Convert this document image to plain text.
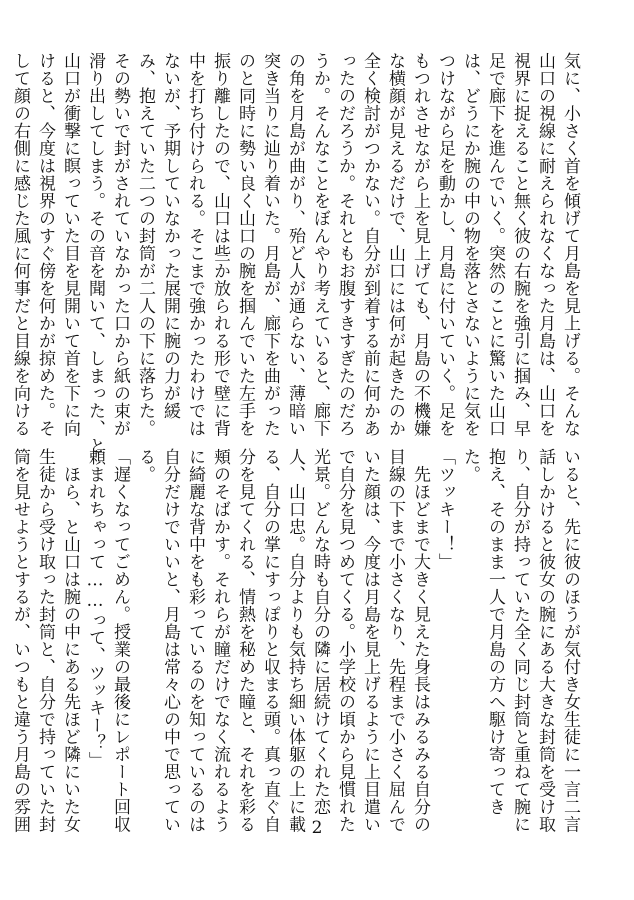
気に、小さく首を傾げて月島を見上げる。そんな
山口の視線に耐えられなくなった月島は、山口を
視界に捉えること無く彼の右腕を強引に掴み、早
足で廊下を進んでいく。突然のことに驚いた山口
は、どうにか腕の中の物を落とさないように気を
つけながら足を動かし、月島に付いていく。足を
もつれさせながら上を見上げても、月島の不機嫌
な横顔が見えるだけで、山口には何が起きたのか
全く検討がつかない。自分が到着する前に何かあ
ったのだろうか。それともお腹すきすぎたのだろ
うか。そんなことをぼんやり考えていると、廊下
の角を月島が曲がり、殆ど人が通らない、薄暗い
突き当りに辿り着いた。月島が、廊下を曲がった
のと同時に勢い良く山口の腕を掴んでいた左手を
振り離したので、山口は些か放られる形で壁に背
中を打ち付けられる。そこまで強かったわけでは
ないが、予期していなかった展開に腕の力が緩
み、抱えていた二つの封筒が二人の下に落ちた。
その勢いで封がされていなかった口から紙の束が
滑り出してしまう。その音を聞いて、しまった、と
山口が衝撃に瞑っていた目を見開いて首を下に向
けると、今度は視界のすぐ傍を何かが掠めた。そ
して顔の右側に感じた風に何事だと目線を向ける
いると、先に彼のほうが気付き女生徒に一言二言
話しかけると彼女の腕にある大きな封筒を受け取
り、自分が持っていた全く同じ封筒と重ねて腕に
抱え、そのまま一人で月島の方へ駆け寄ってき
た。
「ツッキー！」
　先ほどまで大きく見えた身長はみるみる自分の
目線の下まで小さくなり、先程まで小さく屈んで
いた顔は、今度は月島を見上げるように上目遣い
で自分を見つめてくる。小学校の頃から見慣れた
光景。どんな時も自分の隣に居続けてくれた恋
人、山口忠。自分よりも気持ち細い体躯の上に載
る、自分の掌にすっぽりと収まる頭。真っ直ぐ自
分を見てくれる、情熱を秘めた瞳と、それを彩る
頬のそばかす。それらが瞳だけでなく流れるよう
に綺麗な背中をも彩っているのを知っているのは
自分だけでいいと、月島は常々心の中で思ってい
る。
「遅くなってごめん。授業の最後にレポート回収
頼まれちゃって……って、ツッキー？」
　ほら、と山口は腕の中にある先ほど隣にいた女
生徒から受け取った封筒と、自分で持っていた封
筒を見せようとするが、いつもと違う月島の雰囲	2
